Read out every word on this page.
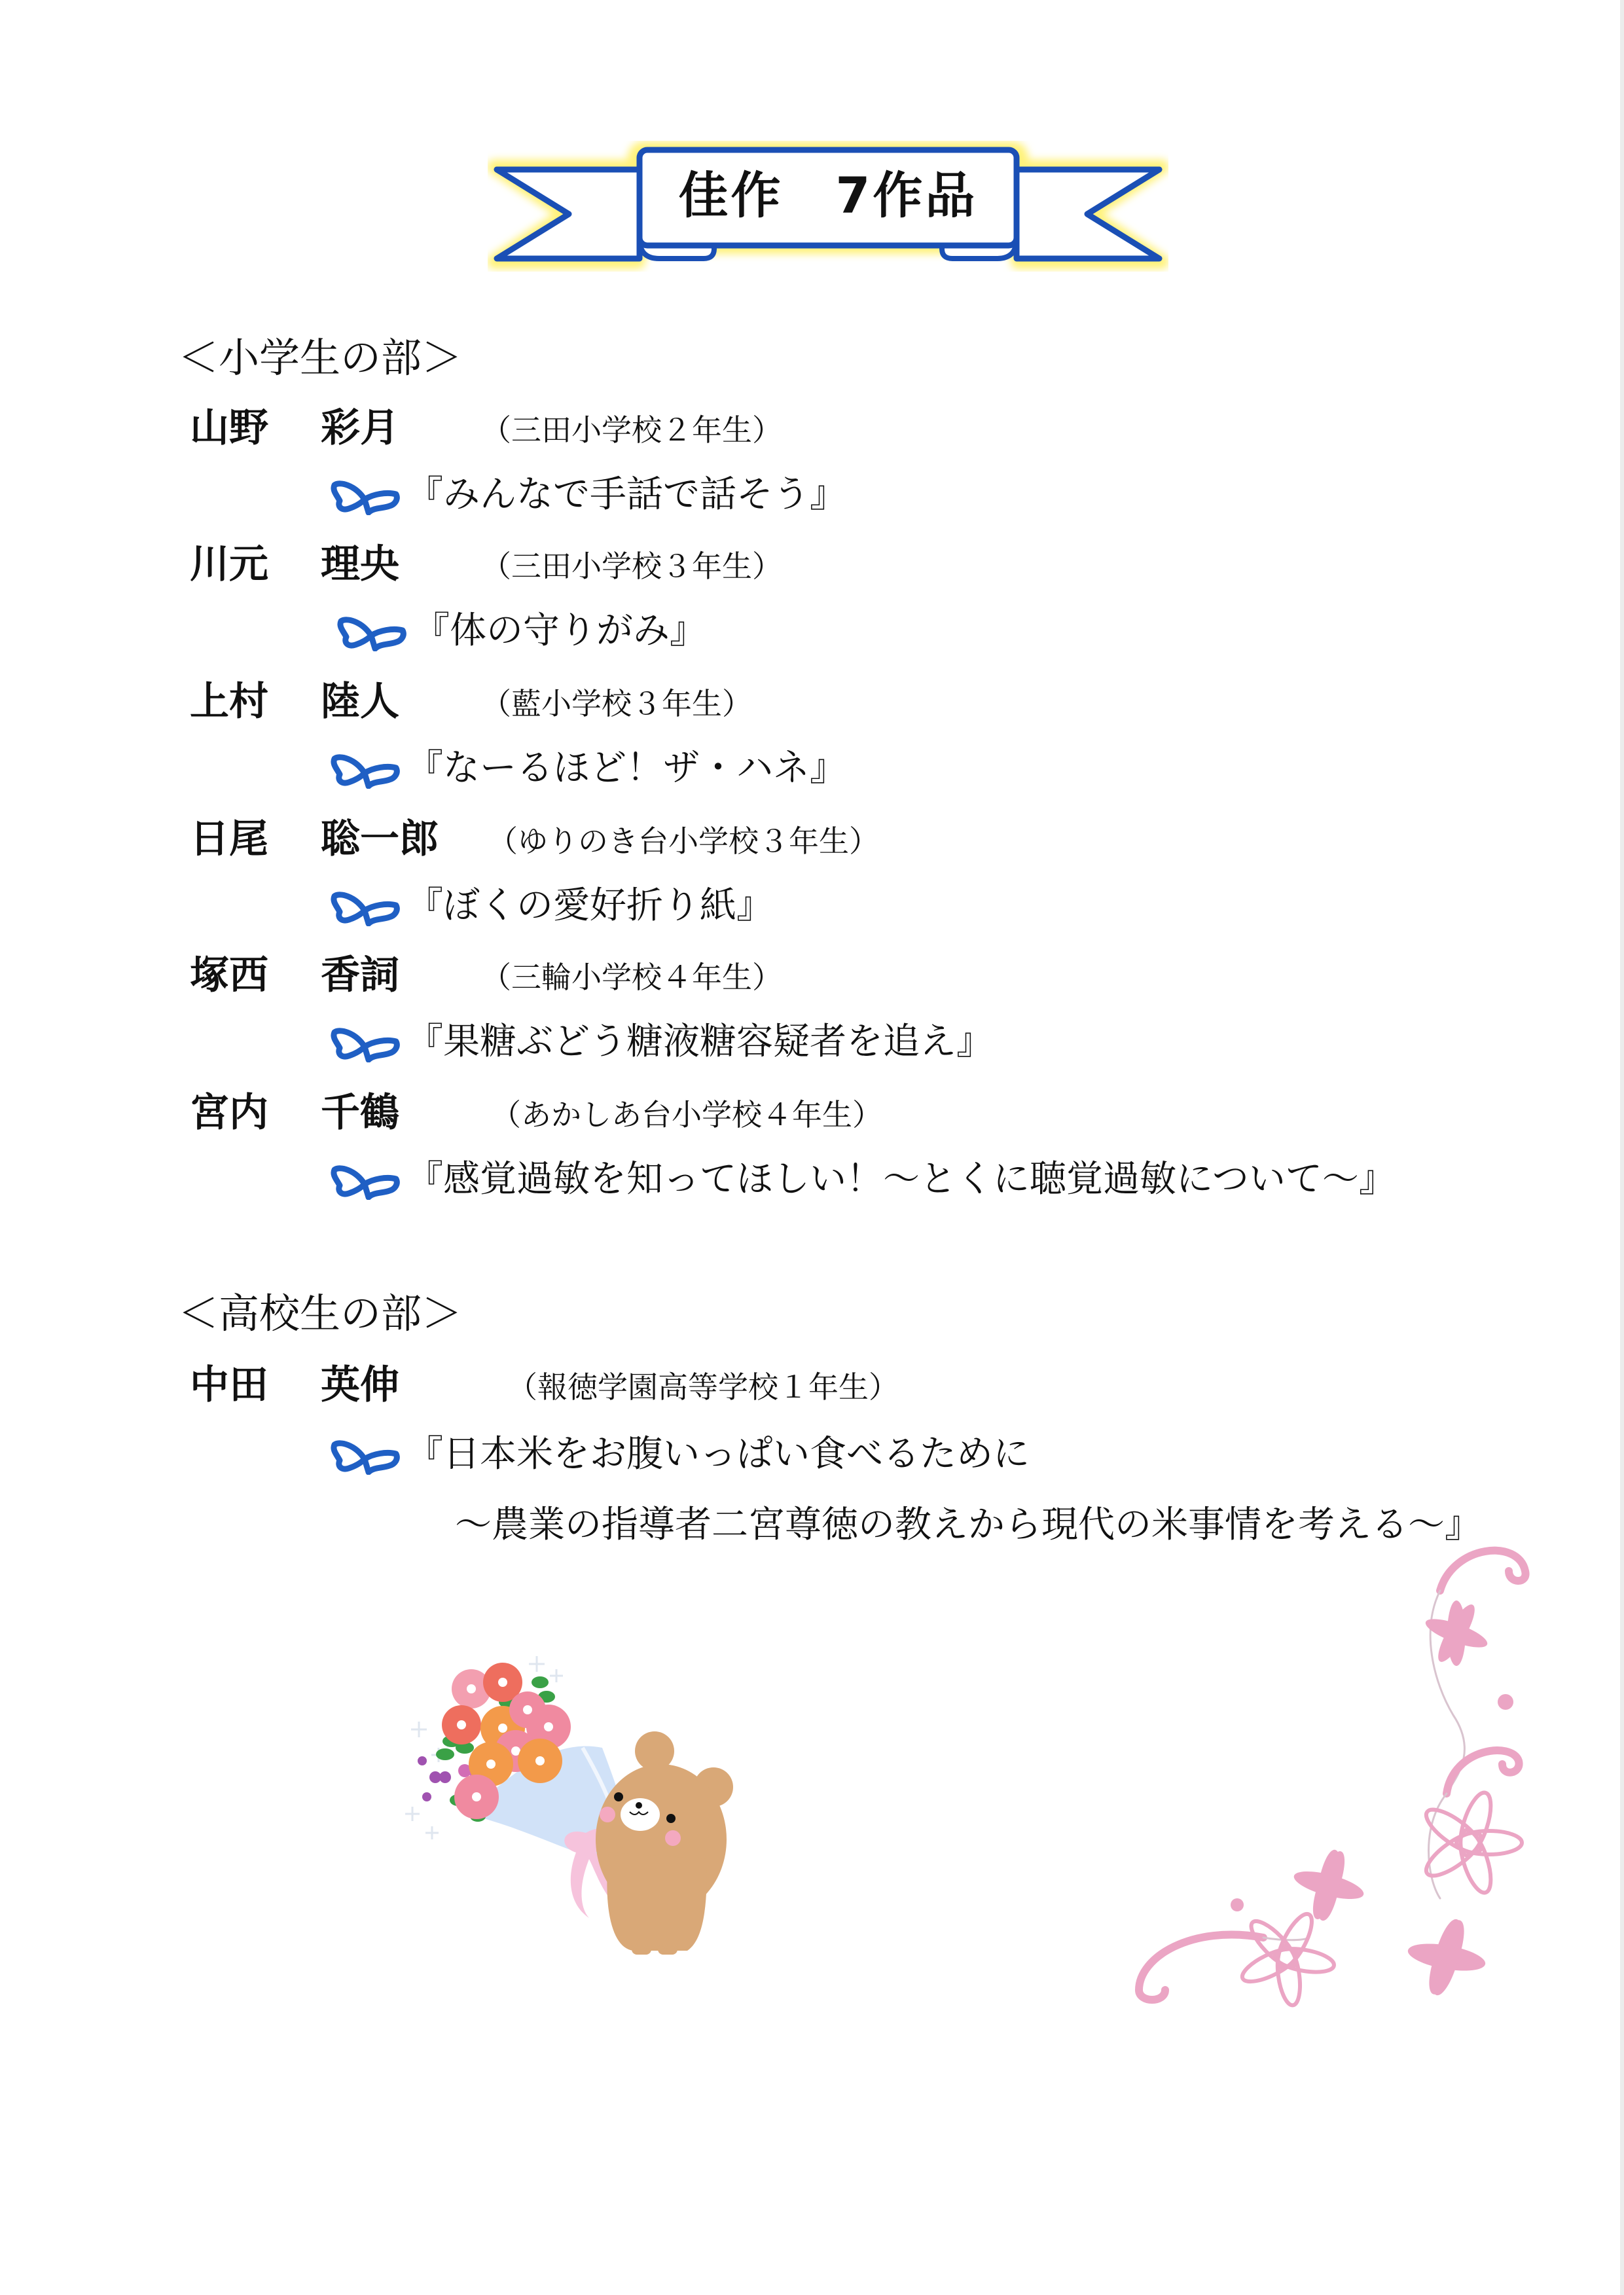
佳作　7作品
＜小学生の部＞
山野 彩月	（三田小学校２年生）
『みんなで手話で話そう』
川元 理央	（三田小学校３年生）
『体の守りがみ』
上村 陸人	（藍小学校３年生）
『なーるほど！ザ・ハネ』
日尾 聡一郎 （ゆりのき台小学校３年生）
『ぼくの愛好折り紙』
塚西 香詞	（三輪小学校４年生）
『果糖ぶどう糖液糖容疑者を追え』
宮内 千鶴	（あかしあ台小学校４年生）
『感覚過敏を知ってほしい！～とくに聴覚過敏について～』
＜高校生の部＞
中田 英伸	（報徳学園高等学校１年生）
『日本米をお腹いっぱい食べるために
～農業の指導者二宮尊徳の教えから現代の米事情を考える～』
